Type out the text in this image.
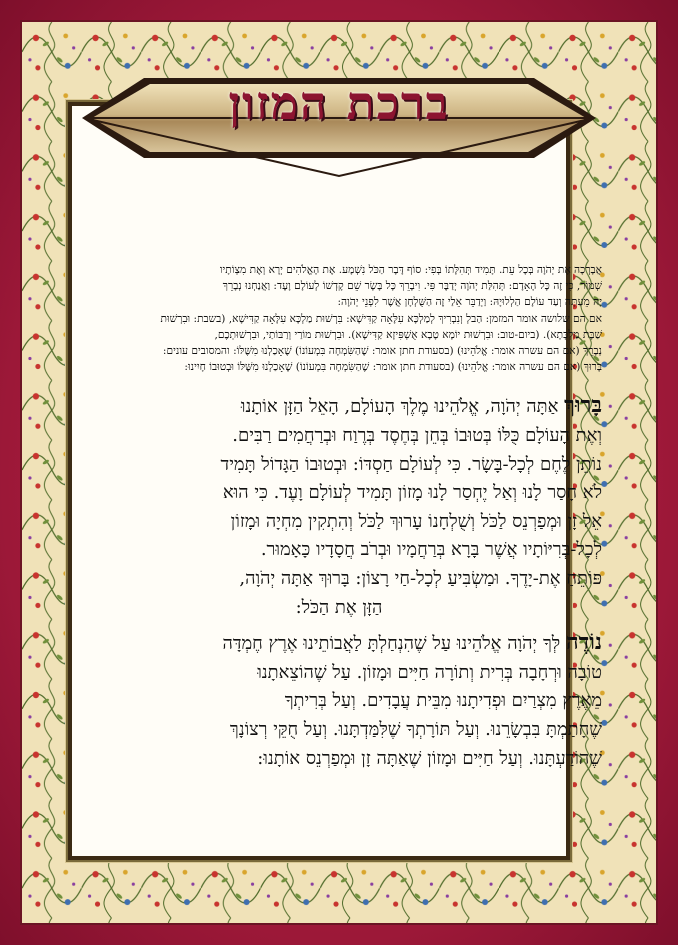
ברכת המזון

אֲבָרְכָה אֶת יְהֹוָה בְּכָל עֵת. תָּמִיד תְּהִלָּתוֹ בְּפִי: סוֹף דָּבָר הַכֹּל נִשְׁמָע. אֶת הָאֱלֹהִים יְרָא וְאֶת מִצְוֹתָיו

שְׁמוֹר, כִּי זֶה כָּל הָאָדָם: תְּהִלַּת יְהֹוָה יְדַבֶּר פִּי. וִיבָרֵךְ כָּל בָּשָׂר שֵׁם קָדְשׁוֹ לְעוֹלָם וָעֶד: וַאֲנַחְנוּ נְבָרֵךְ

יָהּ מֵעַתָּה וְעַד עוֹלָם הַלְלוּיָהּ: וַיְדַבֵּר אֵלַי זֶה הַשֻּׁלְחָן אֲשֶׁר לִפְנֵי יְהֹוָה:

אם הם שלושה אומר המזמן: הַבלְ וְנִבְרִיךְ לְמַלְכָּא עִלָּאָה קַדִּישָׁא: בִּרְשׁוּת מַלְכָּא עִלָּאָה קַדִּישָׁא, (בשבת: וּבִרְשׁוּת

שַׁבָּת מַלְכְּתָא). (ביום-טוב: וּבִרְשׁוּת יוֹמָא טָבָא אֻשְׁפִּיזָא קַדִּישָׁא). וּבִרְשׁוּת מוֹרַי וְרַבּוֹתַי, וּבִרְשׁוּתְכֶם,

נְבָרֵךְ (אם הם עשרה אומר: אֱלֹהֵינוּ) (בסעודת חתן אומר: שֶׁהַשִּׂמְחָה בִּמְעוֹנוֹ) שֶׁאָכַלְנוּ מִשֶּׁלּוֹ: והמסובים עונים:

בָּרוּךְ (אם הם עשרה אומר: אֱלֹהֵינוּ) (בסעודת חתן אומר: שֶׁהַשִּׂמְחָה בִּמְעוֹנוֹ) שֶׁאָכַלְנוּ מִשֶּׁלּוֹ וּבְטוּבוֹ חָיִינוּ:

בָּרוּךְ אַתָּה יְהֹוָה, אֱלֹהֵינוּ מֶלֶךְ הָעוֹלָם, הָאֵל הַזָּן אוֹתָנוּ

וְאֶת הָעוֹלָם כֻּלּוֹ בְּטוּבוֹ בְּחֵן בְּחֶסֶד בְּרֶוַח וּבְרַחֲמִים רַבִּים.

נוֹתֵן לֶחֶם לְכָל-בָּשָׂר. כִּי לְעוֹלָם חַסְדּוֹ: וּבְטוּבוֹ הַגָּדוֹל תָּמִיד

לֹא חָסַר לָנוּ וְאַל יֶחְסַר לָנוּ מָזוֹן תָּמִיד לְעוֹלָם וָעֶד. כִּי הוּא

אֵל זָן וּמְפַרְנֵס לַכֹּל וְשֻׁלְחָנוֹ עָרוּךְ לַכֹּל וְהִתְקִין מִחְיָה וּמָזוֹן

לְכָל-בְּרִיּוֹתָיו אֲשֶׁר בָּרָא בְּרַחֲמָיו וּבְרֹב חֲסָדָיו כָּאָמוּר.

פּוֹתֵחַ אֶת-יָדֶךָ. וּמַשְׂבִּיעַ לְכָל-חַי רָצוֹן: בָּרוּךְ אַתָּה יְהֹוָה,

הַזָּן אֶת הַכֹּל:

נוֹדֶה לְּךָ יְהֹוָה אֱלֹהֵינוּ עַל שֶׁהִנְחַלְתָּ לַאֲבוֹתֵינוּ אֶרֶץ חֶמְדָּה

טוֹבָה וּרְחָבָה בְּרִית וְתוֹרָה חַיִּים וּמָזוֹן. עַל שֶׁהוֹצֵאתָנוּ

מֵאֶרֶץ מִצְרַיִם וּפְדִיתָנוּ מִבֵּית עֲבָדִים. וְעַל בְּרִיתְךָ

שֶׁחָתַמְתָּ בִּבְשָׂרֵנוּ. וְעַל תּוֹרָתְךָ שֶׁלִּמַּדְתָּנוּ. וְעַל חֻקֵּי רְצוֹנָךְ

שֶׁהוֹדַעְתָּנוּ. וְעַל חַיִּים וּמָזוֹן שֶׁאַתָּה זָן וּמְפַרְנֵס אוֹתָנוּ:
